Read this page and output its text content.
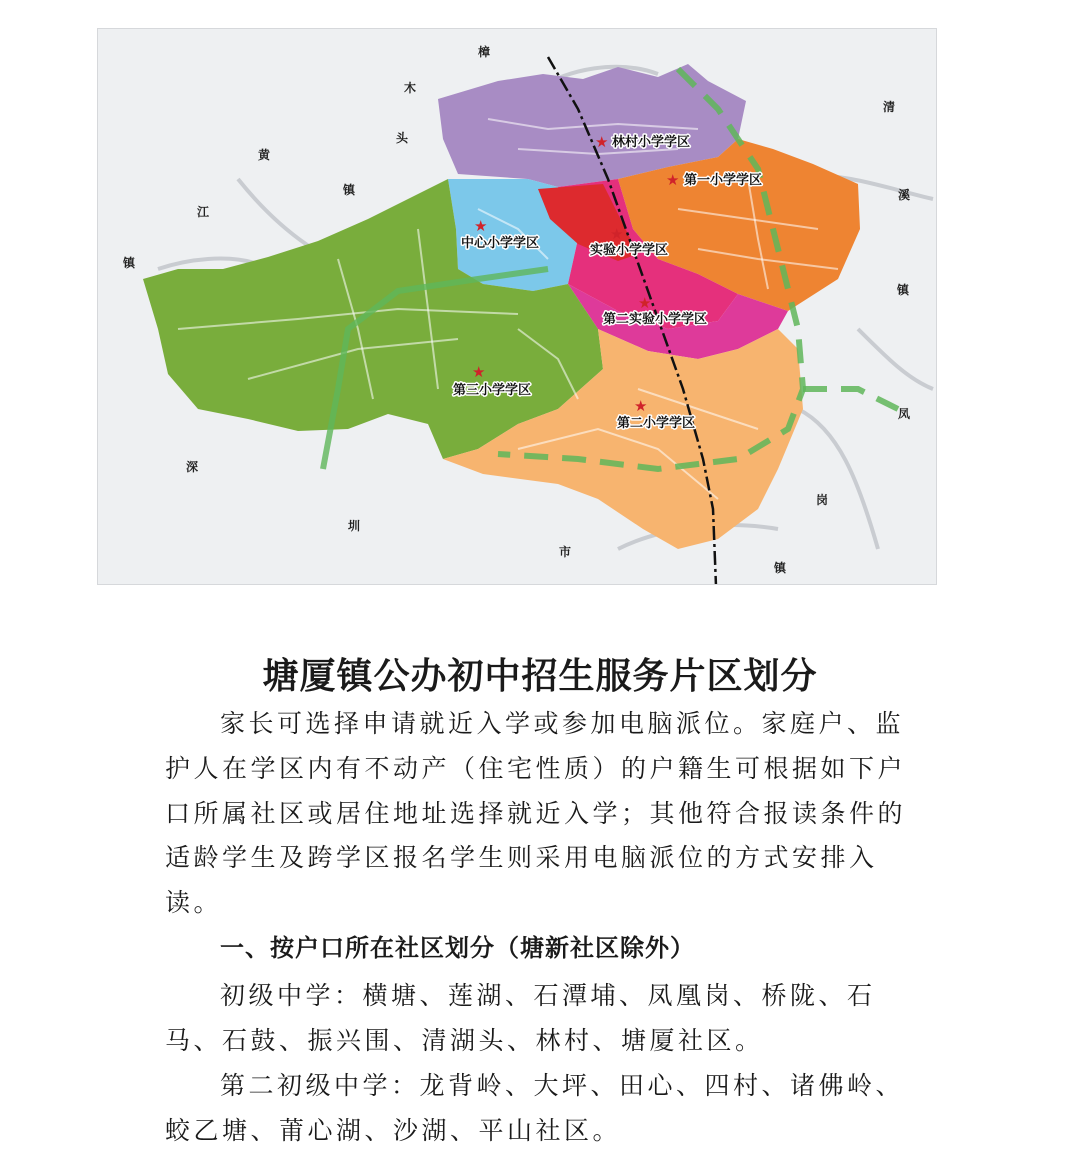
樟
木
头
镇
黄
江
镇
清
溪
镇
凤
岗
镇
深
圳
市
★ 林村小学学区
★ 第一小学学区
★
中心小学学区
★
实验小学学区
★
第二实验小学学区
★
第三小学学区
★
第二小学学区
塘厦镇公办初中招生服务片区划分

家长可选择申请就近入学或参加电脑派位。家庭户、监护人在学区内有不动产（住宅性质）的户籍生可根据如下户口所属社区或居住地址选择就近入学；其他符合报读条件的适龄学生及跨学区报名学生则采用电脑派位的方式安排入读。

一、按户口所在社区划分（塘新社区除外）

初级中学：横塘、莲湖、石潭埔、凤凰岗、桥陇、石马、石鼓、振兴围、清湖头、林村、塘厦社区。

第二初级中学：龙背岭、大坪、田心、四村、诸佛岭、蛟乙塘、莆心湖、沙湖、平山社区。
